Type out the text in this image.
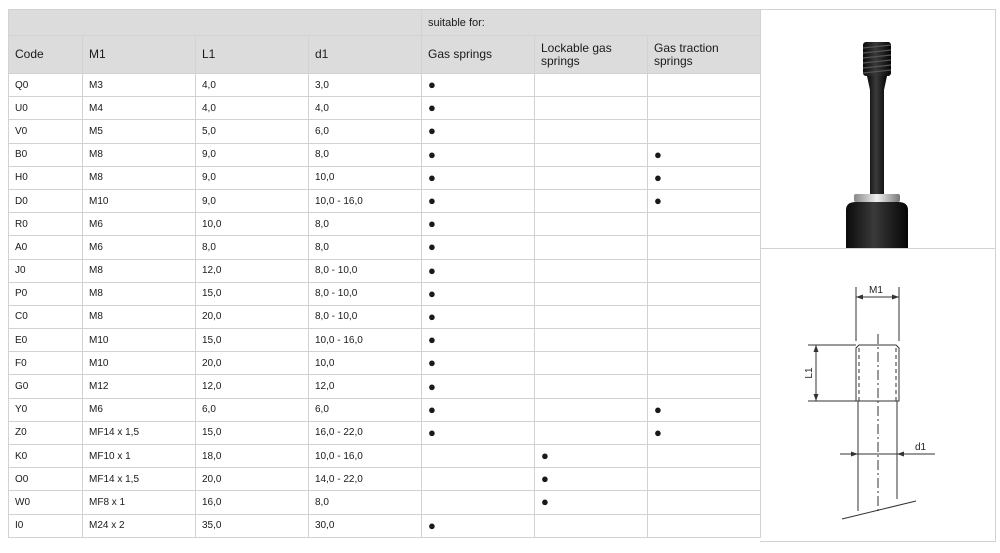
				suitable for:		
Code	M1	L1	d1	Gas springs	Lockable gas springs	Gas traction springs
Q0	M3	4,0	3,0	●		
U0	M4	4,0	4,0	●		
V0	M5	5,0	6,0	●		
B0	M8	9,0	8,0	●		●
H0	M8	9,0	10,0	●		●
D0	M10	9,0	10,0 - 16,0	●		●
R0	M6	10,0	8,0	●		
A0	M6	8,0	8,0	●		
J0	M8	12,0	8,0 - 10,0	●		
P0	M8	15,0	8,0 - 10,0	●		
C0	M8	20,0	8,0 - 10,0	●		
E0	M10	15,0	10,0 - 16,0	●		
F0	M10	20,0	10,0	●		
G0	M12	12,0	12,0	●		
Y0	M6	6,0	6,0	●		●
Z0	MF14 x 1,5	15,0	16,0 - 22,0	●		●
K0	MF10 x 1	18,0	10,0 - 16,0		●	
O0	MF14 x 1,5	20,0	14,0 - 22,0		●	
W0	MF8 x 1	16,0	8,0		●	
I0	M24 x 2	35,0	30,0	●		
M1
L1
d1
